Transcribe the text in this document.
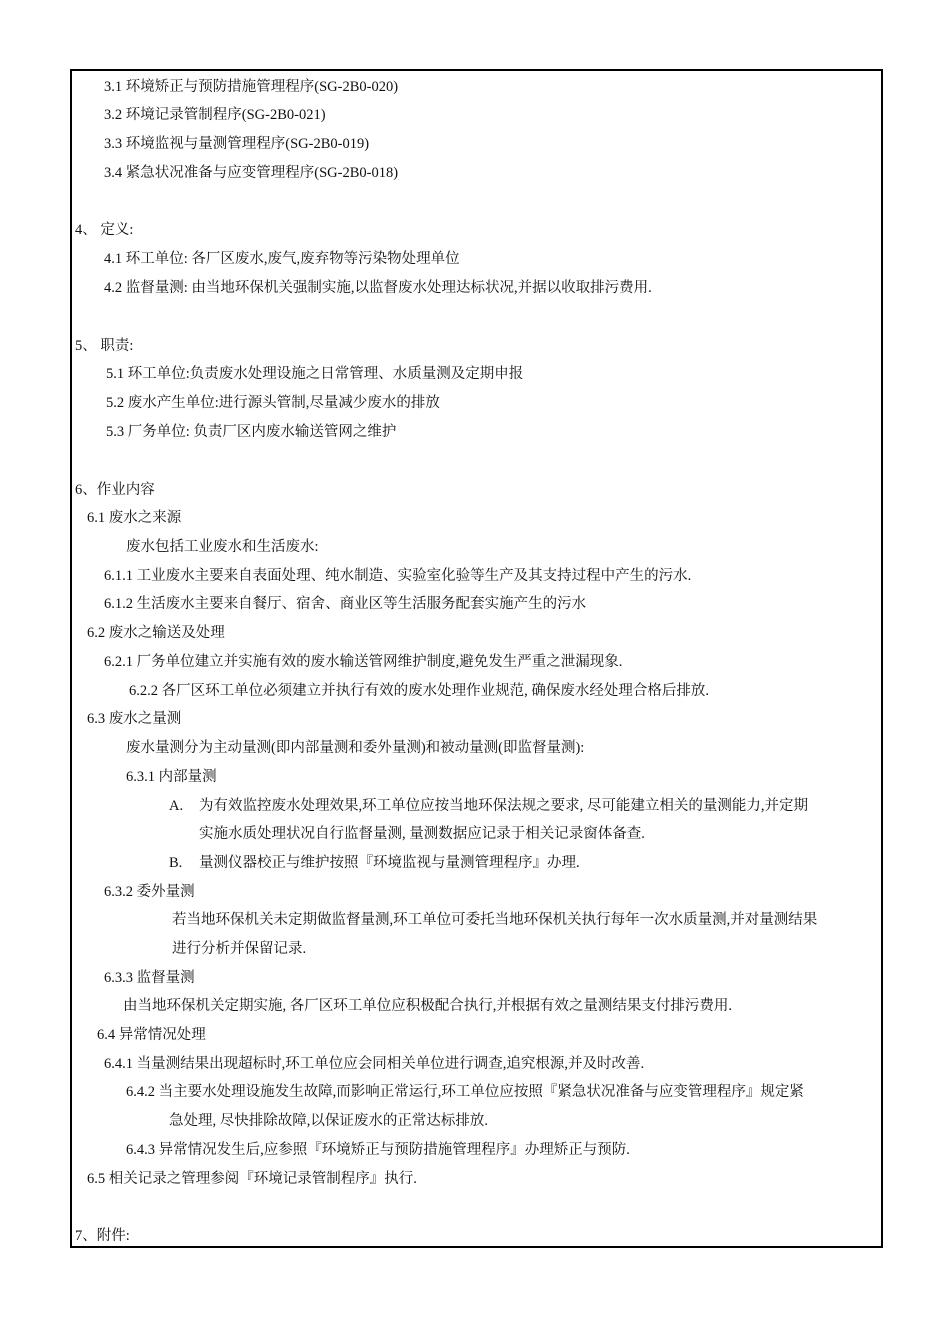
3.1 环境矫正与预防措施管理程序(SG-2B0-020)
3.2 环境记录管制程序(SG-2B0-021)
3.3 环境监视与量测管理程序(SG-2B0-019)
3.4 紧急状况准备与应变管理程序(SG-2B0-018)
4、 定义:
4.1 环工单位: 各厂区废水,废气,废弃物等污染物处理单位
4.2 监督量测: 由当地环保机关强制实施,以监督废水处理达标状况,并据以收取排污费用.
5、 职责:
5.1 环工单位:负责废水处理设施之日常管理、水质量测及定期申报
5.2 废水产生单位:进行源头管制,尽量减少废水的排放
5.3 厂务单位: 负责厂区内废水输送管网之维护
6、作业内容
6.1 废水之来源
废水包括工业废水和生活废水:
6.1.1 工业废水主要来自表面处理、纯水制造、实验室化验等生产及其支持过程中产生的污水.
6.1.2 生活废水主要来自餐厅、宿舍、商业区等生活服务配套实施产生的污水
6.2 废水之输送及处理
6.2.1 厂务单位建立并实施有效的废水输送管网维护制度,避免发生严重之泄漏现象.
6.2.2 各厂区环工单位必须建立并执行有效的废水处理作业规范, 确保废水经处理合格后排放.
6.3 废水之量测
废水量测分为主动量测(即内部量测和委外量测)和被动量测(即监督量测):
6.3.1 内部量测
A. 为有效监控废水处理效果,环工单位应按当地环保法规之要求, 尽可能建立相关的量测能力,并定期
实施水质处理状况自行监督量测, 量测数据应记录于相关记录窗体备查.
B. 量测仪器校正与维护按照『环境监视与量测管理程序』办理.
6.3.2 委外量测
若当地环保机关未定期做监督量测,环工单位可委托当地环保机关执行每年一次水质量测,并对量测结果
进行分析并保留记录.
6.3.3 监督量测
由当地环保机关定期实施, 各厂区环工单位应积极配合执行,并根据有效之量测结果支付排污费用.
6.4 异常情况处理
6.4.1 当量测结果出现超标时,环工单位应会同相关单位进行调查,追究根源,并及时改善.
6.4.2 当主要水处理设施发生故障,而影响正常运行,环工单位应按照『紧急状况准备与应变管理程序』规定紧
急处理, 尽快排除故障,以保证废水的正常达标排放.
6.4.3 异常情况发生后,应参照『环境矫正与预防措施管理程序』办理矫正与预防.
6.5 相关记录之管理参阅『环境记录管制程序』执行.
7、附件:
